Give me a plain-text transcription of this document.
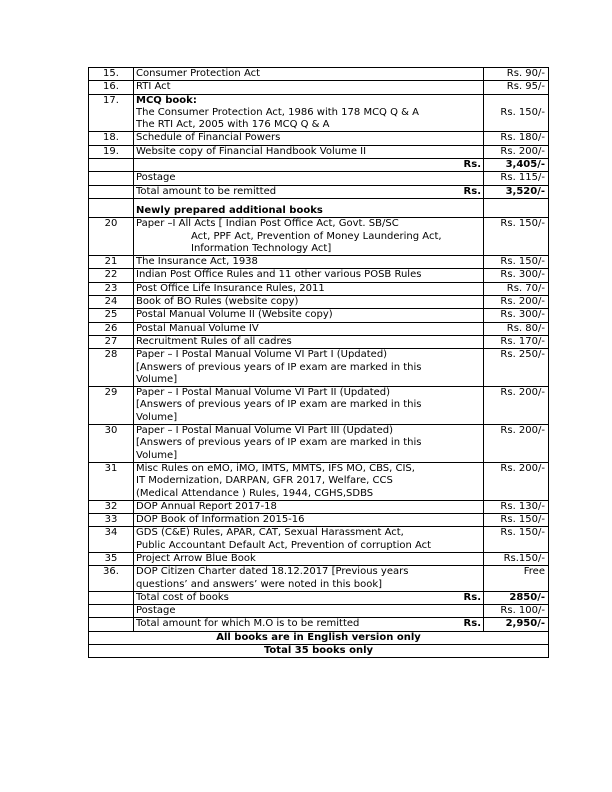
15.	Consumer Protection Act	Rs. 90/-
16.	RTI Act	Rs. 95/-
17.	MCQ book:
The Consumer Protection Act, 1986 with 178 MCQ Q & A
The RTI Act, 2005 with 176 MCQ Q & A	Rs. 150/-
18.	Schedule of Financial Powers	Rs. 180/-
19.	Website copy of Financial Handbook Volume II	Rs. 200/-

	Rs.	3,405/-
	Postage	Rs. 115/-
	Total amount to be remitted Rs.	3,520/-

Newly prepared additional books	
20	Paper –I All Acts [ Indian Post Office Act, Govt. SB/SC

Act, PPF Act, Prevention of Money Laundering Act,
Information Technology Act]	Rs. 150/-
21	The Insurance Act, 1938	Rs. 150/-
22	Indian Post Office Rules and 11 other various POSB Rules	Rs. 300/-
23	Post Office Life Insurance Rules, 2011	Rs. 70/-
24	Book of BO Rules (website copy)	Rs. 200/-
25	Postal Manual Volume II (Website copy)	Rs. 300/-
26	Postal Manual Volume IV	Rs. 80/-
27	Recruitment Rules of all cadres	Rs. 170/-
28	Paper – I Postal Manual Volume VI Part I (Updated)
[Answers of previous years of IP exam are marked in this
Volume]	Rs. 250/-
29	Paper – I Postal Manual Volume VI Part II (Updated)
[Answers of previous years of IP exam are marked in this
Volume]	Rs. 200/-
30	Paper – I Postal Manual Volume VI Part III (Updated)
[Answers of previous years of IP exam are marked in this
Volume]	Rs. 200/-
31	Misc Rules on eMO, iMO, IMTS, MMTS, IFS MO, CBS, CIS,
IT Modernization, DARPAN, GFR 2017, Welfare, CCS
(Medical Attendance ) Rules, 1944, CGHS,SDBS	Rs. 200/-
32	DOP Annual Report 2017-18	Rs. 130/-
33	DOP Book of Information 2015-16	Rs. 150/-
34	GDS (C&E) Rules, APAR, CAT, Sexual Harassment Act,
Public Accountant Default Act, Prevention of corruption Act	Rs. 150/-
35	Project Arrow Blue Book	Rs.150/-
36.	DOP Citizen Charter dated 18.12.2017 [Previous years
questions’ and answers’ were noted in this book]	Free
	Total cost of books Rs.	2850/-
	Postage	Rs. 100/-
	Total amount for which M.O is to be remitted Rs.	2,950/-
All books are in English version only		
Total 35 books only		
